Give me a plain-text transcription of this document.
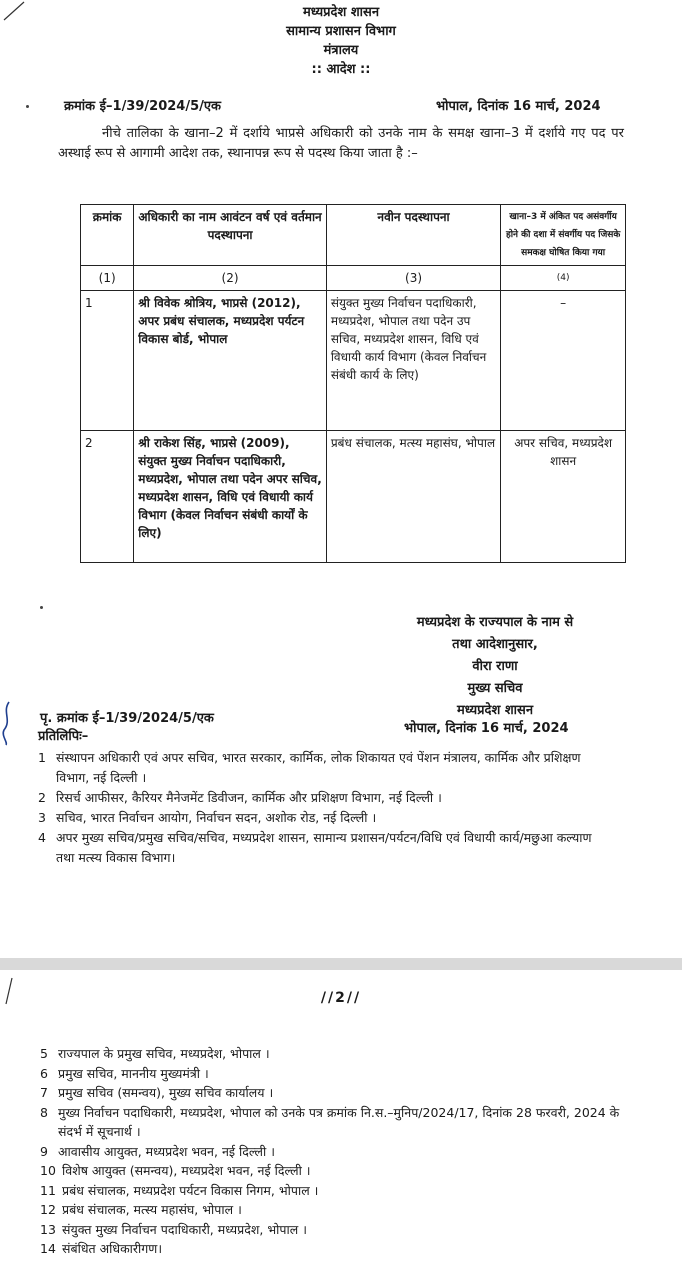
मध्यप्रदेश शासन
सामान्य प्रशासन विभाग
मंत्रालय
:: आदेश ::
क्रमांक ई–1/39/2024/5/एक	भोपाल, दिनांक 16 मार्च, 2024
नीचे तालिका के खाना–2 में दर्शाये भाप्रसे अधिकारी को उनके नाम के समक्ष खाना–3 में दर्शाये गए पद पर अस्थाई रूप से आगामी आदेश तक, स्थानापन्न रूप से पदस्थ किया जाता है :–
क्रमांक	अधिकारी का नाम आवंटन वर्ष एवं वर्तमान पदस्थापना	नवीन पदस्थापना	खाना–3 में अंकित पद असंवर्गीय होने की दशा में संवर्गीय पद जिसके समकक्ष घोषित किया गया
(1)	(2)	(3)	(4)
1	श्री विवेक श्रोत्रिय, भाप्रसे (2012), अपर प्रबंध संचालक, मध्यप्रदेश पर्यटन विकास बोर्ड, भोपाल	संयुक्त मुख्य निर्वाचन पदाधिकारी, मध्यप्रदेश, भोपाल तथा पदेन उप सचिव, मध्यप्रदेश शासन, विधि एवं विधायी कार्य विभाग (केवल निर्वाचन संबंधी कार्य के लिए)	–
2	श्री राकेश सिंह, भाप्रसे (2009), संयुक्त मुख्य निर्वाचन पदाधिकारी, मध्यप्रदेश, भोपाल तथा पदेन अपर सचिव, मध्यप्रदेश शासन, विधि एवं विधायी कार्य विभाग (केवल निर्वाचन संबंधी कार्यों के लिए)	प्रबंध संचालक, मत्स्य महासंघ, भोपाल	अपर सचिव, मध्यप्रदेश शासन
मध्यप्रदेश के राज्यपाल के नाम से
तथा आदेशानुसार,
वीरा राणा
मुख्य सचिव
मध्यप्रदेश शासन
पृ. क्रमांक ई–1/39/2024/5/एक
भोपाल, दिनांक 16 मार्च, 2024
प्रतिलिपिः–
1 संस्थापन अधिकारी एवं अपर सचिव, भारत सरकार, कार्मिक, लोक शिकायत एवं पेंशन मंत्रालय, कार्मिक और प्रशिक्षण विभाग, नई दिल्ली ।
2 रिसर्च आफीसर, कैरियर मैनेजमेंट डिवीजन, कार्मिक और प्रशिक्षण विभाग, नई दिल्ली ।
3 सचिव, भारत निर्वाचन आयोग, निर्वाचन सदन, अशोक रोड, नई दिल्ली ।
4 अपर मुख्य सचिव/प्रमुख सचिव/सचिव, मध्यप्रदेश शासन, सामान्य प्रशासन/पर्यटन/विधि एवं विधायी कार्य/मछुआ कल्याण तथा मत्स्य विकास विभाग।
//2//
5 राज्यपाल के प्रमुख सचिव, मध्यप्रदेश, भोपाल ।
6 प्रमुख सचिव, माननीय मुख्यमंत्री ।
7 प्रमुख सचिव (समन्वय), मुख्य सचिव कार्यालय ।
8 मुख्य निर्वाचन पदाधिकारी, मध्यप्रदेश, भोपाल को उनके पत्र क्रमांक नि.स.–मुनिप/2024/17, दिनांक 28 फरवरी, 2024 के संदर्भ में सूचनार्थ ।
9 आवासीय आयुक्त, मध्यप्रदेश भवन, नई दिल्ली ।
10 विशेष आयुक्त (समन्वय), मध्यप्रदेश भवन, नई दिल्ली ।
11 प्रबंध संचालक, मध्यप्रदेश पर्यटन विकास निगम, भोपाल ।
12 प्रबंध संचालक, मत्स्य महासंघ, भोपाल ।
13 संयुक्त मुख्य निर्वाचन पदाधिकारी, मध्यप्रदेश, भोपाल ।
14 संबंधित अधिकारीगण।
